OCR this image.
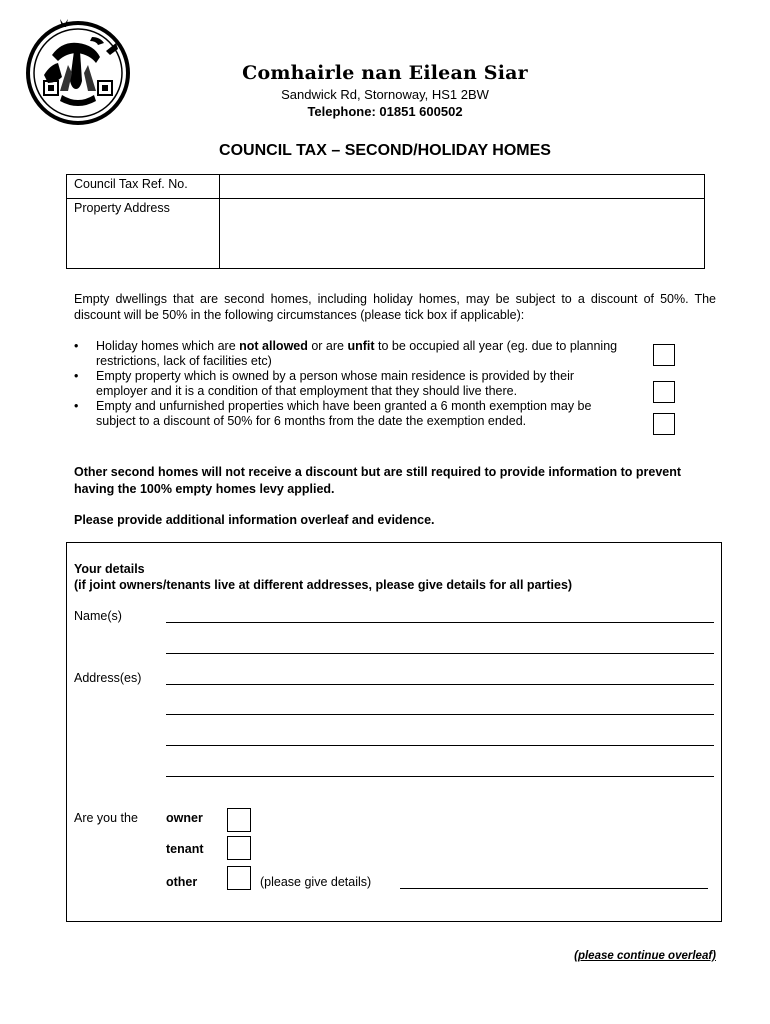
Comhairle nan Eilean Siar
Sandwick Rd, Stornoway, HS1 2BW
Telephone: 01851 600502
COUNCIL TAX – SECOND/HOLIDAY HOMES
Council Tax Ref. No.	
Property Address	
Empty dwellings that are second homes, including holiday homes, may be subject to a discount of 50%. The discount will be 50% in the following circumstances (please tick box if applicable):
• Holiday homes which are not allowed or are unfit to be occupied all year (eg. due to planning restrictions, lack of facilities etc)
• Empty property which is owned by a person whose main residence is provided by their employer and it is a condition of that employment that they should live there.
• Empty and unfurnished properties which have been granted a 6 month exemption may be subject to a discount of 50% for 6 months from the date the exemption ended.
Other second homes will not receive a discount but are still required to provide information to prevent having the 100% empty homes levy applied.
Please provide additional information overleaf and evidence.
Your details
(if joint owners/tenants live at different addresses, please give details for all parties)
Name(s)
Address(es)
Are you the owner
tenant
other	(please give details)
(please continue overleaf)
